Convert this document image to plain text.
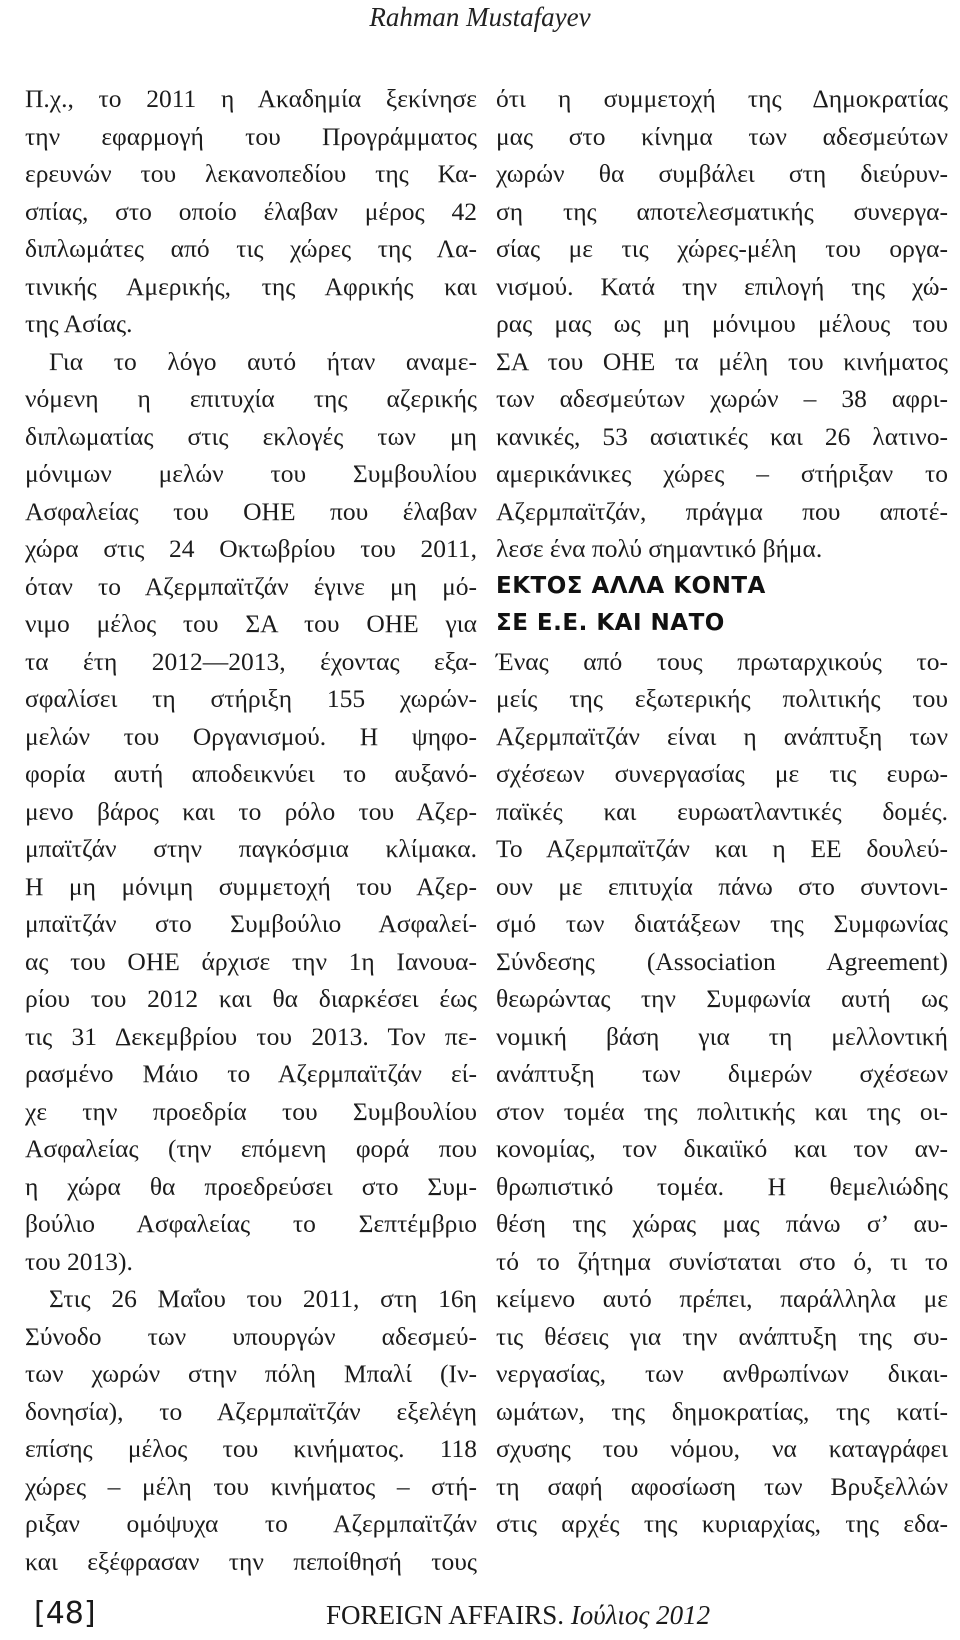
Rahman Mustafayev
Π.χ., το 2011 η Ακαδημία ξεκίνησε
την εφαρμογή του Προγράμματος
ερευνών του λεκανοπεδίου της Κα-
σπίας, στο οποίο έλαβαν μέρος 42
διπλωμάτες από τις χώρες της Λα-
τινικής Αμερικής, της Αφρικής και
της Ασίας.
Για το λόγο αυτό ήταν αναμε-
νόμενη η επιτυχία της αζερικής
διπλωματίας στις εκλογές των μη
μόνιμων μελών του Συμβουλίου
Ασφαλείας του ΟΗΕ που έλαβαν
χώρα στις 24 Οκτωβρίου του 2011,
όταν το Αζερμπαϊτζάν έγινε μη μό-
νιμο μέλος του ΣΑ του ΟΗΕ για
τα έτη 2012—2013, έχοντας εξα-
σφαλίσει τη στήριξη 155 χωρών-
μελών του Οργανισμού. Η ψηφο-
φορία αυτή αποδεικνύει το αυξανό-
μενο βάρος και το ρόλο του Αζερ-
μπαϊτζάν στην παγκόσμια κλίμακα.
Η μη μόνιμη συμμετοχή του Αζερ-
μπαϊτζάν στο Συμβούλιο Ασφαλεί-
ας του ΟΗΕ άρχισε την 1η Ιανουα-
ρίου του 2012 και θα διαρκέσει έως
τις 31 Δεκεμβρίου του 2013. Τον πε-
ρασμένο Μάιο το Αζερμπαϊτζάν εί-
χε την προεδρία του Συμβουλίου
Ασφαλείας (την επόμενη φορά που
η χώρα θα προεδρεύσει στο Συμ-
βούλιο Ασφαλείας το Σεπτέμβριο
του 2013).
Στις 26 Μαΐου του 2011, στη 16η
Σύνοδο των υπουργών αδεσμεύ-
των χωρών στην πόλη Μπαλί (Ιν-
δονησία), το Αζερμπαϊτζάν εξελέγη
επίσης μέλος του κινήματος. 118
χώρες – μέλη του κινήματος – στή-
ριξαν ομόψυχα το Αζερμπαϊτζάν
και εξέφρασαν την πεποίθησή τους
ότι η συμμετοχή της Δημοκρατίας
μας στο κίνημα των αδεσμεύτων
χωρών θα συμβάλει στη διεύρυν-
ση της αποτελεσματικής συνεργα-
σίας με τις χώρες-μέλη του οργα-
νισμού. Κατά την επιλογή της χώ-
ρας μας ως μη μόνιμου μέλους του
ΣΑ του ΟΗΕ τα μέλη του κινήματος
των αδεσμεύτων χωρών – 38 αφρι-
κανικές, 53 ασιατικές και 26 λατινο-
αμερικάνικες χώρες – στήριξαν το
Αζερμπαϊτζάν, πράγμα που αποτέ-
λεσε ένα πολύ σημαντικό βήμα.
ΕΚΤΟΣ ΑΛΛΑ ΚΟΝΤΑ
ΣΕ Ε.Ε. ΚΑΙ ΝΑΤΟ
Ένας από τους πρωταρχικούς το-
μείς της εξωτερικής πολιτικής του
Αζερμπαϊτζάν είναι η ανάπτυξη των
σχέσεων συνεργασίας με τις ευρω-
παϊκές και ευρωατλαντικές δομές.
Το Αζερμπαϊτζάν και η ΕΕ δουλεύ-
ουν με επιτυχία πάνω στο συντονι-
σμό των διατάξεων της Συμφωνίας
Σύνδεσης (Association Agreement)
θεωρώντας την Συμφωνία αυτή ως
νομική βάση για τη μελλοντική
ανάπτυξη των διμερών σχέσεων
στον τομέα της πολιτικής και της οι-
κονομίας, τον δικαιϊκό και τον αν-
θρωπιστικό τομέα. Η θεμελιώδης
θέση της χώρας μας πάνω σ’ αυ-
τό το ζήτημα συνίσταται στο ό, τι το
κείμενο αυτό πρέπει, παράλληλα με
τις θέσεις για την ανάπτυξη της συ-
νεργασίας, των ανθρωπίνων δικαι-
ωμάτων, της δημοκρατίας, της κατί-
σχυσης του νόμου, να καταγράφει
τη σαφή αφοσίωση των Βρυξελλών
στις αρχές της κυριαρχίας, της εδα-
[48]	FOREIGN AFFAIRS. Ιούλιος 2012
